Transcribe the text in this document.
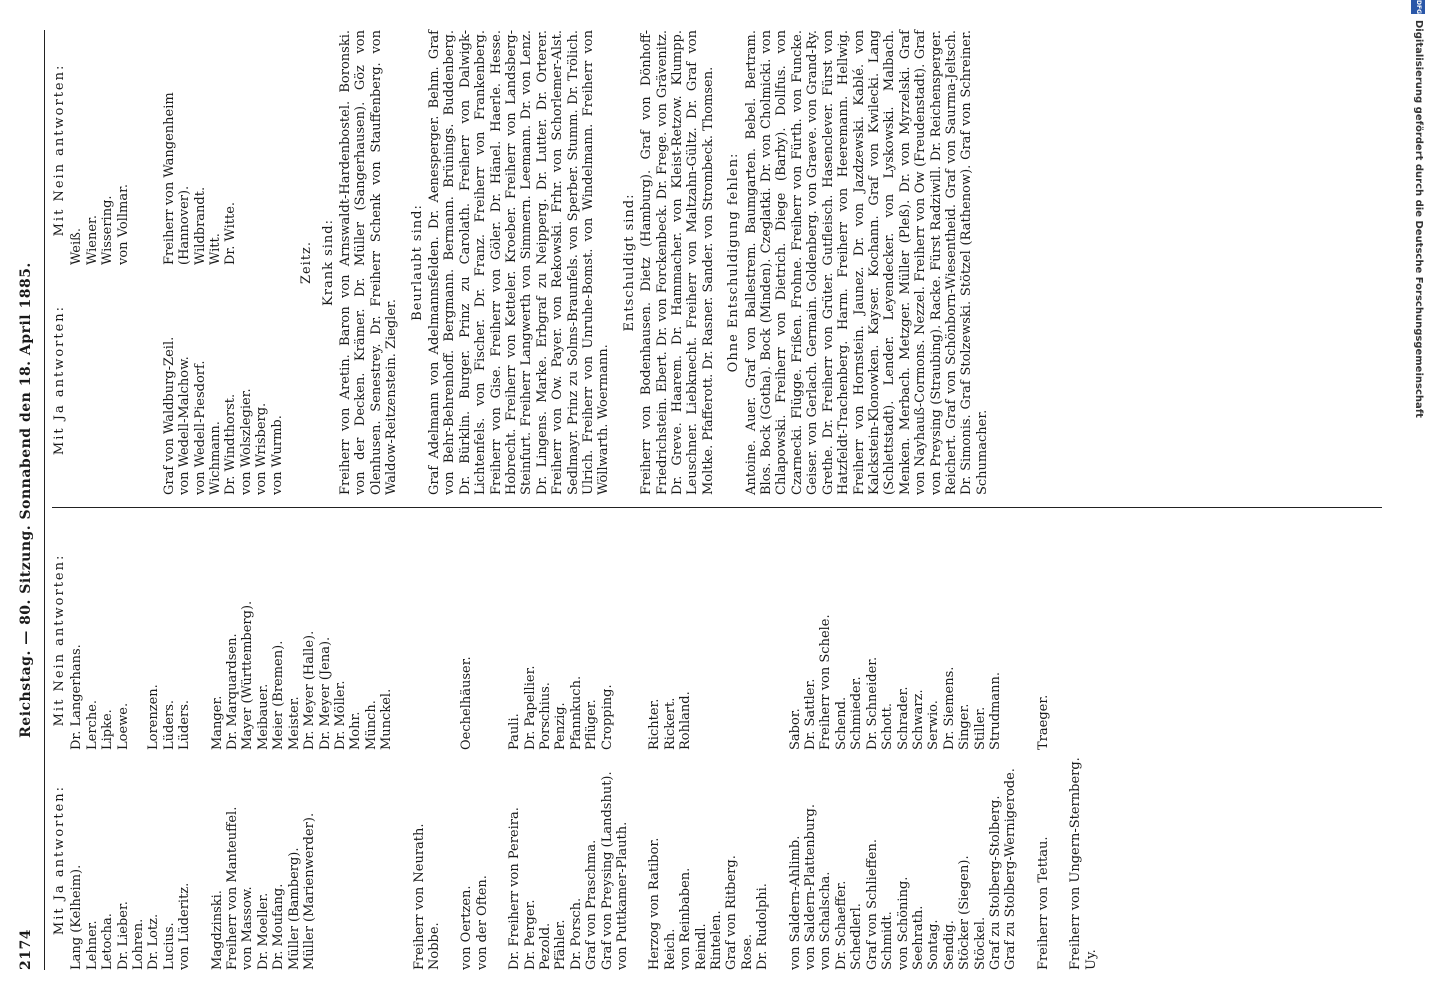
2174
Reichstag. — 80. Sitzung. Sonnabend den 18. April 1885.
Mit Ja antworten:
Mit Nein antworten:
Lang (Kelheim).
Lehner.
Letocha.
Dr. Lieber.
Lohren.
Dr. Lotz.
Lucius.
von Lüderitz.
Dr. Langerhans.
Lerche.
Lipke.
Loewe.

Lorenzen.
Lüders.
Lüders.
Magdzinski.
Freiherr von Manteuffel.
von Massow.
Dr. Moeller.
Dr. Moufang.
Müller (Bamberg).
Müller (Marienwerder).
Manger.
Dr. Marquardsen.
Mayer (Württemberg).
Meibauer.
Meier (Bremen).
Meister.
Dr. Meyer (Halle).
Dr. Meyer (Jena).
Dr. Möller.
Mohr.
Münch.
Munckel.
Freiherr von Neurath.
Nobbe. von Oertzen.
von der Often.
Oechelhäuser.
Dr. Freiherr von Pereira.
Dr. Perger.
Pezold.
Pfähler.
Dr. Porsch.
Graf von Praschma.
Graf von Preysing (Landshut).
von Puttkamer-Plauth.
Pauli.
Dr. Papellier.
Porschius.
Penzig.
Pfannkuch.
Pflüger.
Cropping.
Herzog von Ratibor.
Reich.
von Reinbaben.
Reindl.
Rintelen.
Graf von Ritberg.
Rose.
Dr. Rudolphi.
Richter.
Rickert.
Rohland.
von Saldern-Ahlimb.
von Saldern-Plattenburg.
von Schalscha.
Dr. Schaeffer.
Schedlerl.
Graf von Schlieffen.
Schmidt.
von Schöning.
Seehrath.
Sontag.
Sendig.
Stöcker (Siegen).
Stöckel.
Graf zu Stolberg-Stolberg.
Graf zu Stolberg-Wernigerode.
Sabor.
Dr. Sattler.
Freiherr von Schele.
Schend.
Schmieder.
Dr. Schneider.
Schott.
Schrader.
Schwarz.
Serwio.
Dr. Siemens.
Singer.
Stiller.
Strudmann.
Freiherr von Tettau.
Traeger.
Freiherr von Ungern-Sternberg.
Uy.
Mit Ja antworten:
Mit Nein antworten:

Graf von Waldburg-Zeil.
von Wedell-Malchow.
von Wedell-Piesdorf.
Wichmann.
Dr. Windthorst.
von Wolszlegier.
von Wrisberg.
von Wurmb.
Weiß.
Wiener.
Wissering.
von Vollmar.

Freiherr von Wangenheim (Hannover).
Wildbrandt.
Witt.
Dr. Witte.
Zeitz. Krank sind: Freiherr von Aretin. Baron von Arnswaldt-Hardenbostel. Boronski. von der Decken. Krämer. Dr. Müller (Sangerhausen). Göz von Olenhusen. Senestrey. Dr. Freiherr Schenk von Stauffenberg. von Waldow-Reitzenstein. Ziegler.
Beurlaubt sind: Graf Adelmann von Adelmannsfelden. Dr. Aenesperger. Behm. Graf von Behr-Behrenhoff. Bergmann. Bermann. Brünings. Buddenberg. Dr. Bürklin. Burger. Prinz zu Carolath. Freiherr von Dalwigk-Lichtenfels. von Fischer. Dr. Franz. Freiherr von Frankenberg. Freiherr von Gise. Freiherr von Göler. Dr. Hänel. Haerle. Hesse. Hobrecht. Freiherr von Ketteler. Kroeber. Freiherr von Landsberg-Steinfurt. Freiherr Langwerth von Simmern. Leemann. Dr. von Lenz. Dr. Lingens. Marke. Erbgraf zu Neipperg. Dr. Lutter. Dr. Orterer. Freiherr von Ow. Payer. von Rekowski. Frhr. von Schorlemer-Alst. Sedlmayr. Prinz zu Solms-Braunfels. von Sperber. Stumm. Dr. Trölich. Ulrich. Freiherr von Unruhe-Bomst. von Windelmann. Freiherr von Wöllwarth. Woermann.
Entschuldigt sind: Freiherr von Bodenhausen. Dietz (Hamburg). Graf von Dönhoff-Friedrichstein. Ebert. Dr. von Forckenbeck. Dr. Frege. von Grävenitz. Dr. Greve. Haarem. Dr. Hammacher. von Kleist-Retzow. Klumpp. Leuschner. Liebknecht. Freiherr von Maltzahn-Gültz. Dr. Graf von Moltke. Pfafferott. Dr. Rasner. Sander. von Strombeck. Thomsen. Ohne Entschuldigung fehlen: Antoine. Auer. Graf von Ballestrem. Baumgarten. Bebel. Bertram. Blos. Bock (Gotha). Bock (Minden). Czeglatki. Dr. von Cholmicki. von Chlapowski. Freiherr von Dietrich. Diege (Barby). Dollfus. von Czarnecki. Flügge. Frißen. Frohne. Freiherr von Fürth. von Funcke. Geiser. von Gerlach. Germain. Goldenberg. von Graeve. von Grand-Ry. Grethe. Dr. Freiherr von Grüter. Gutfleisch. Hasenclever. Fürst von Hatzfeldt-Trachenberg. Harm. Freiherr von Heeremann. Hellwig. Freiherr von Hornstein. Jaunez. Dr. von Jazdzewski. Kablé. von Kalckstein-Klonowken. Kayser. Kochann. Graf von Kwilecki. Lang (Schlettstadt). Lender. Leyendecker. von Lyskowski. Malbach. Menken. Merbach. Metzger. Müller (Pleß). Dr. von Myrzelski. Graf von Nayhauß-Cormons. Nezzel. Freiherr von Ow (Freudenstadt). Graf von Preysing (Straubing). Racke. Fürst Radziwill. Dr. Reichensperger. Reichert. Graf von Schönborn-Wiesentheid. Graf von Saurma-Jeltsch. Dr. Simonis. Graf Stolzewski. Stötzel (Rathenow). Graf von Schreiner. Schumacher.
DFG
Digitalisierung gefördert durch die Deutsche Forschungsgemeinschaft
